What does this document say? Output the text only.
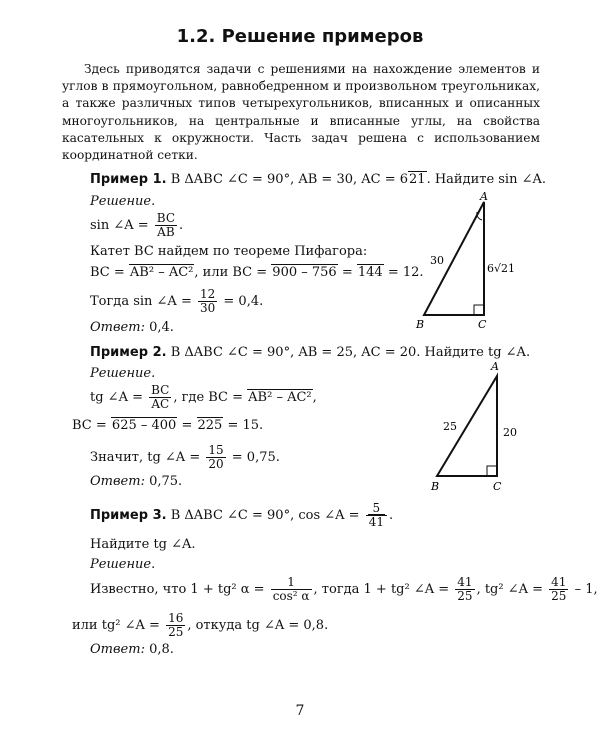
1.2. Решение примеров
Здесь приводятся задачи с решениями на нахождение элементов и углов в прямоугольном, равнобедренном и произвольном треугольниках, а также различных типов четырехугольников, вписанных и описанных многоугольников, на центральные и вписанные углы, на свойства касательных к окружности. Часть задач решена с использованием координатной сетки.
Пример 1. В ΔABC ∠C = 90°, AB = 30, AC = 621. Найдите sin ∠A.
Решение.
sin ∠A = $\frac{BC}{AB}$ .
Катет BC найдем по теореме Пифагора:
BC = AB² – AC², или BC = 900 – 756 = 144 = 12.
Тогда sin ∠A = $\frac{12}{30} = 0,4$.
Ответ: 0,4.
A
B	C
30
6√21
Пример 2. В ΔABC ∠C = 90°, AB = 25, AC = 20. Найдите tg ∠A.
Решение.
tg ∠A = $\frac{BC}{AC}$ , где BC = AB² – AC²,
BC = 625 – 400 = 225 = 15.
Значит, tg ∠A = $\frac{15}{20} = 0,75$.
Ответ: 0,75.
A
B	C
25	20
Пример 3. В ΔABC ∠C = 90°, cos ∠A = $\frac{5}{41}$ .
Найдите tg ∠A.
Решение.
Известно, что 1 + tg² $\alpha = \frac{1}{\text{cos² α}}$ , тогда 1 + tg² ∠A = $\frac{41}{25}$ , tg² ∠A = $\frac{41}{25} - 1$,
или tg² ∠A = $\frac{16}{25}$ , откуда tg ∠A = 0,8.
Ответ: 0,8.
7
